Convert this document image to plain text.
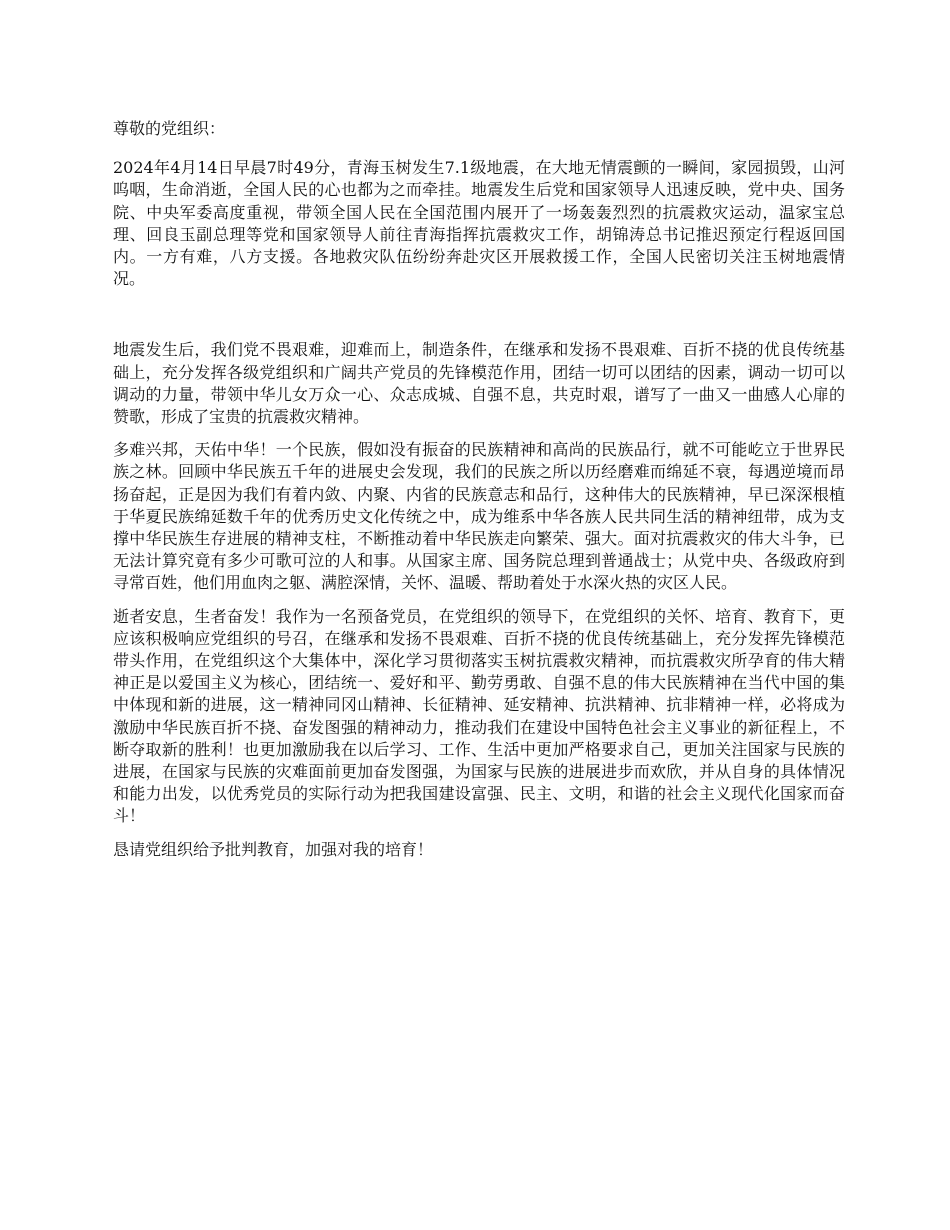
尊敬的党组织：

2024年4月14日早晨7时49分，青海玉树发生7.1级地震，在大地无情震颤的一瞬间，家园损毁，山河呜咽，生命消逝，全国人民的心也都为之而牵挂。地震发生后党和国家领导人迅速反映，党中央、国务院、中央军委高度重视，带领全国人民在全国范围内展开了一场轰轰烈烈的抗震救灾运动，温家宝总理、回良玉副总理等党和国家领导人前往青海指挥抗震救灾工作，胡锦涛总书记推迟预定行程返回国内。一方有难，八方支援。各地救灾队伍纷纷奔赴灾区开展救援工作，全国人民密切关注玉树地震情况。

地震发生后，我们党不畏艰难，迎难而上，制造条件，在继承和发扬不畏艰难、百折不挠的优良传统基础上，充分发挥各级党组织和广阔共产党员的先锋模范作用，团结一切可以团结的因素，调动一切可以调动的力量，带领中华儿女万众一心、众志成城、自强不息，共克时艰，谱写了一曲又一曲感人心扉的赞歌，形成了宝贵的抗震救灾精神。

多难兴邦，天佑中华！一个民族，假如没有振奋的民族精神和高尚的民族品行，就不可能屹立于世界民族之林。回顾中华民族五千年的进展史会发现，我们的民族之所以历经磨难而绵延不衰，每遇逆境而昂扬奋起，正是因为我们有着内敛、内聚、内省的民族意志和品行，这种伟大的民族精神，早已深深根植于华夏民族绵延数千年的优秀历史文化传统之中，成为维系中华各族人民共同生活的精神纽带，成为支撑中华民族生存进展的精神支柱，不断推动着中华民族走向繁荣、强大。面对抗震救灾的伟大斗争，已无法计算究竟有多少可歌可泣的人和事。从国家主席、国务院总理到普通战士；从党中央、各级政府到寻常百姓，他们用血肉之躯、满腔深情，关怀、温暖、帮助着处于水深火热的灾区人民。

逝者安息，生者奋发！我作为一名预备党员，在党组织的领导下，在党组织的关怀、培育、教育下，更应该积极响应党组织的号召，在继承和发扬不畏艰难、百折不挠的优良传统基础上，充分发挥先锋模范带头作用，在党组织这个大集体中，深化学习贯彻落实玉树抗震救灾精神，而抗震救灾所孕育的伟大精神正是以爱国主义为核心，团结统一、爱好和平、勤劳勇敢、自强不息的伟大民族精神在当代中国的集中体现和新的进展，这一精神同冈山精神、长征精神、延安精神、抗洪精神、抗非精神一样，必将成为激励中华民族百折不挠、奋发图强的精神动力，推动我们在建设中国特色社会主义事业的新征程上，不断夺取新的胜利！也更加激励我在以后学习、工作、生活中更加严格要求自己，更加关注国家与民族的进展，在国家与民族的灾难面前更加奋发图强，为国家与民族的进展进步而欢欣，并从自身的具体情况和能力出发，以优秀党员的实际行动为把我国建设富强、民主、文明，和谐的社会主义现代化国家而奋斗！

恳请党组织给予批判教育，加强对我的培育！
